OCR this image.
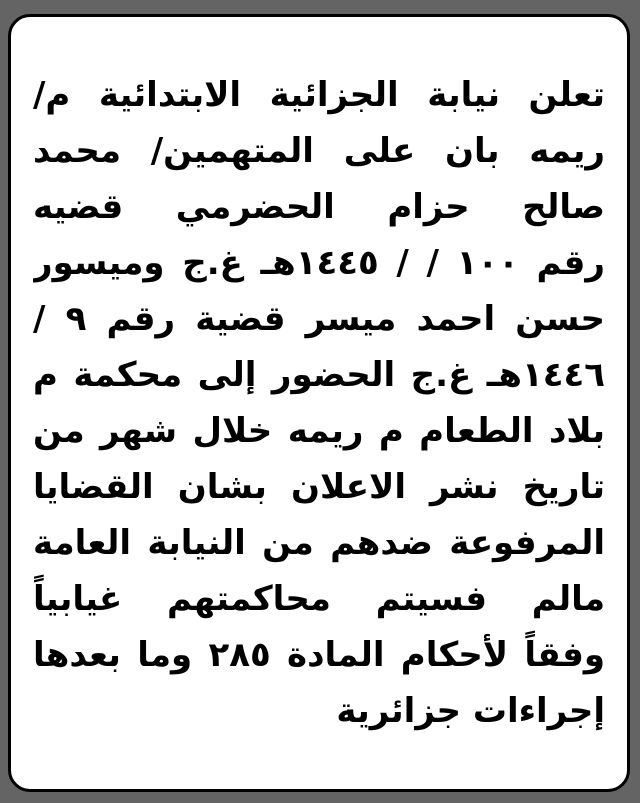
تعلن نيابة الجزائية الابتدائية م/
ريمه بان على المتهمين/ محمد
صالح حزام الحضرمي قضيه
رقم ١٠٠ / / ١٤٤٥هـ غ.ج وميسور
حسن احمد ميسر قضية رقم ٩ /
١٤٤٦هـ غ.ج الحضور إلى محكمة م
بلاد الطعام م ريمه خلال شهر من
تاريخ نشر الاعلان بشان القضايا
المرفوعة ضدهم من النيابة العامة
مالم فسيتم محاكمتهم غيابياً
وفقاً لأحكام المادة ٢٨٥ وما بعدها
إجراءات جزائرية
